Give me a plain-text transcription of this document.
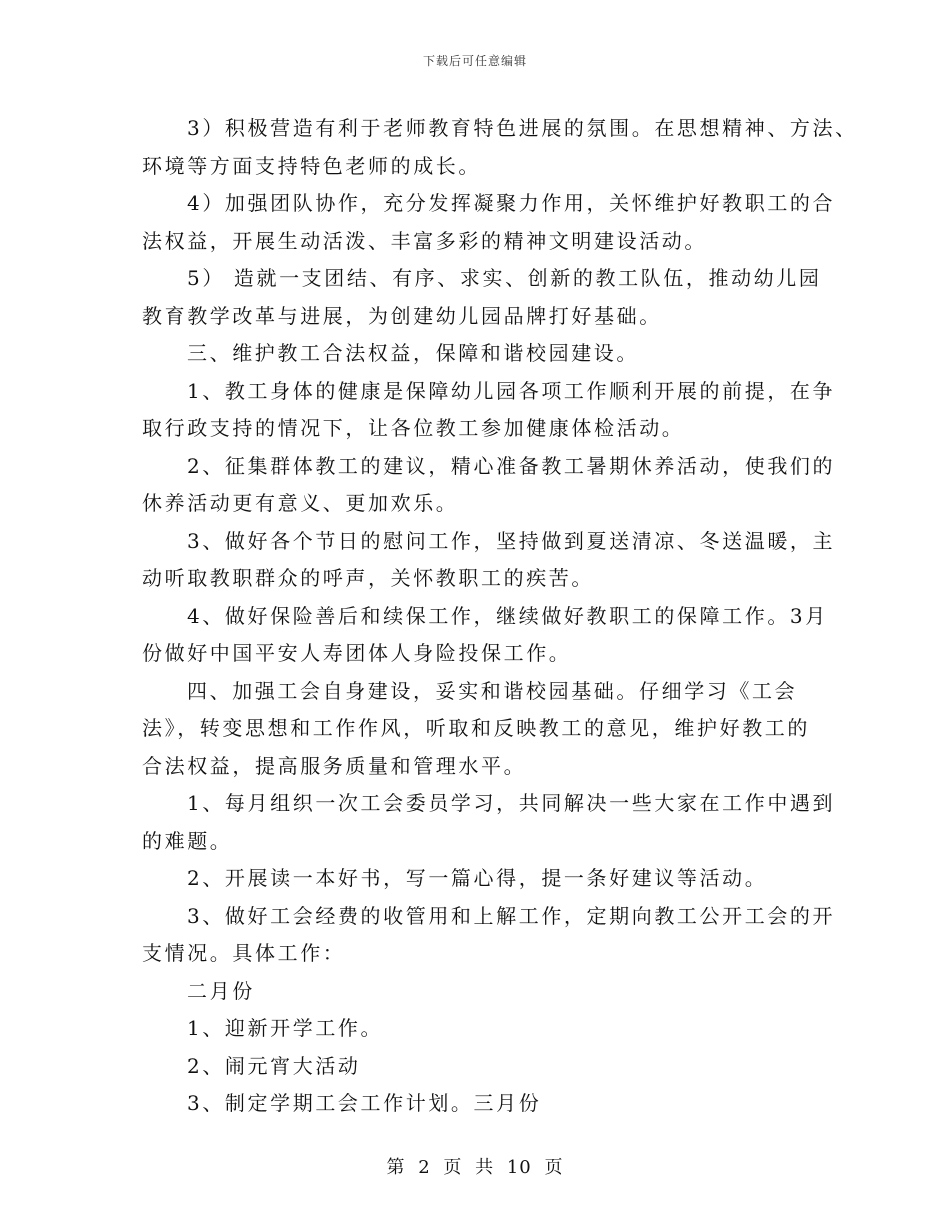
下载后可任意编辑

3）积极营造有利于老师教育特色进展的氛围。在思想精神、方法、

环境等方面支持特色老师的成长。

4）加强团队协作，充分发挥凝聚力作用，关怀维护好教职工的合

法权益，开展生动活泼、丰富多彩的精神文明建设活动。

5） 造就一支团结、有序、求实、创新的教工队伍，推动幼儿园

教育教学改革与进展，为创建幼儿园品牌打好基础。

三、维护教工合法权益，保障和谐校园建设。

1、教工身体的健康是保障幼儿园各项工作顺利开展的前提，在争

取行政支持的情况下，让各位教工参加健康体检活动。

2、征集群体教工的建议，精心准备教工暑期休养活动，使我们的

休养活动更有意义、更加欢乐。

3、做好各个节日的慰问工作，坚持做到夏送清凉、冬送温暖，主

动听取教职群众的呼声，关怀教职工的疾苦。

4、做好保险善后和续保工作，继续做好教职工的保障工作。3月

份做好中国平安人寿团体人身险投保工作。

四、加强工会自身建设，妥实和谐校园基础。仔细学习《工会

法》，转变思想和工作作风，听取和反映教工的意见，维护好教工的

合法权益，提高服务质量和管理水平。

1、每月组织一次工会委员学习，共同解决一些大家在工作中遇到

的难题。

2、开展读一本好书，写一篇心得，提一条好建议等活动。

3、做好工会经费的收管用和上解工作，定期向教工公开工会的开

支情况。具体工作：

二月份

1、迎新开学工作。

2、闹元宵大活动

3、制定学期工会工作计划。三月份

第 2 页 共 10 页
